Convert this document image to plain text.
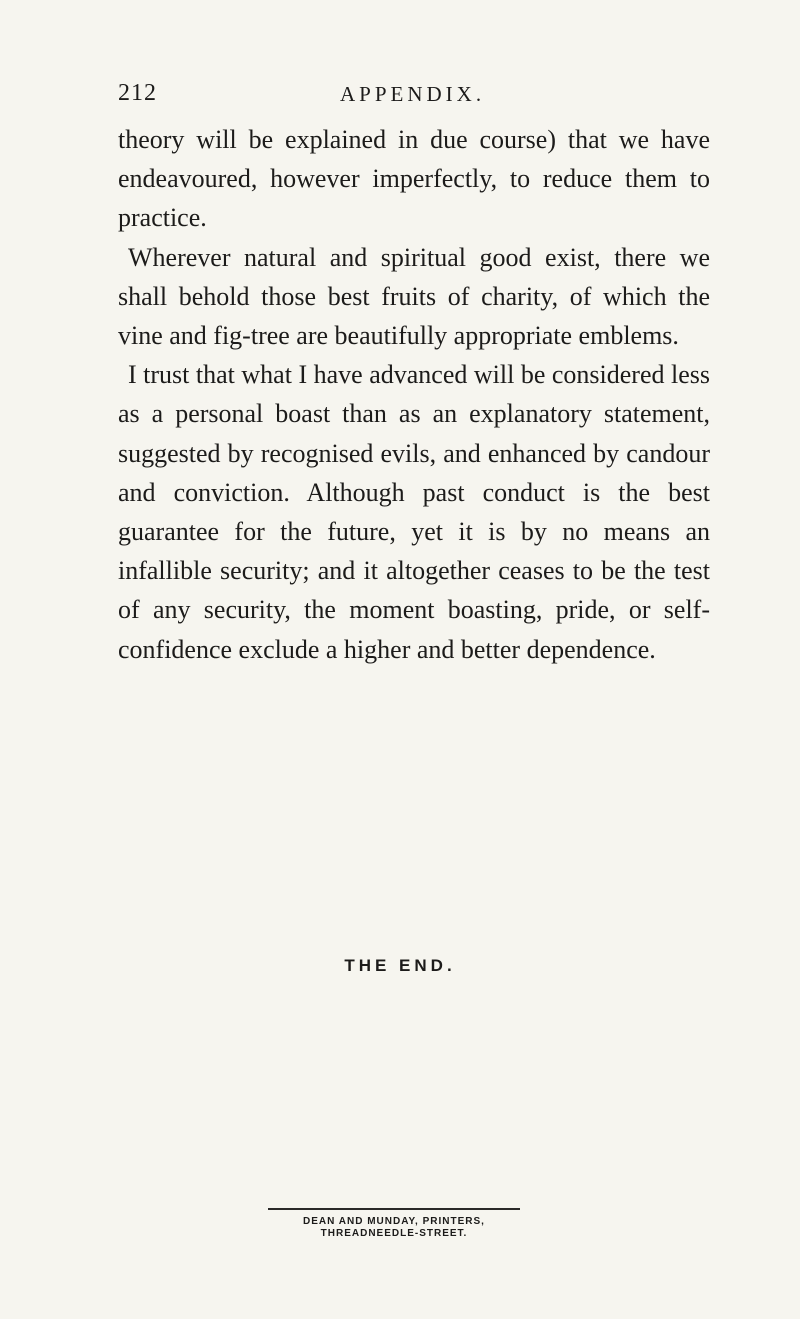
212	APPENDIX.

theory will be explained in due course) that we have endeavoured, however imperfectly, to reduce them to practice.

Wherever natural and spiritual good exist, there we shall behold those best fruits of charity, of which the vine and fig-tree are beautifully appropriate emblems.

I trust that what I have advanced will be considered less as a personal boast than as an explanatory statement, suggested by recognised evils, and enhanced by candour and conviction. Although past conduct is the best guarantee for the future, yet it is by no means an infallible security; and it altogether ceases to be the test of any security, the moment boasting, pride, or self-confidence exclude a higher and better dependence.

THE END.
DEAN AND MUNDAY, PRINTERS,
THREADNEEDLE-STREET.
